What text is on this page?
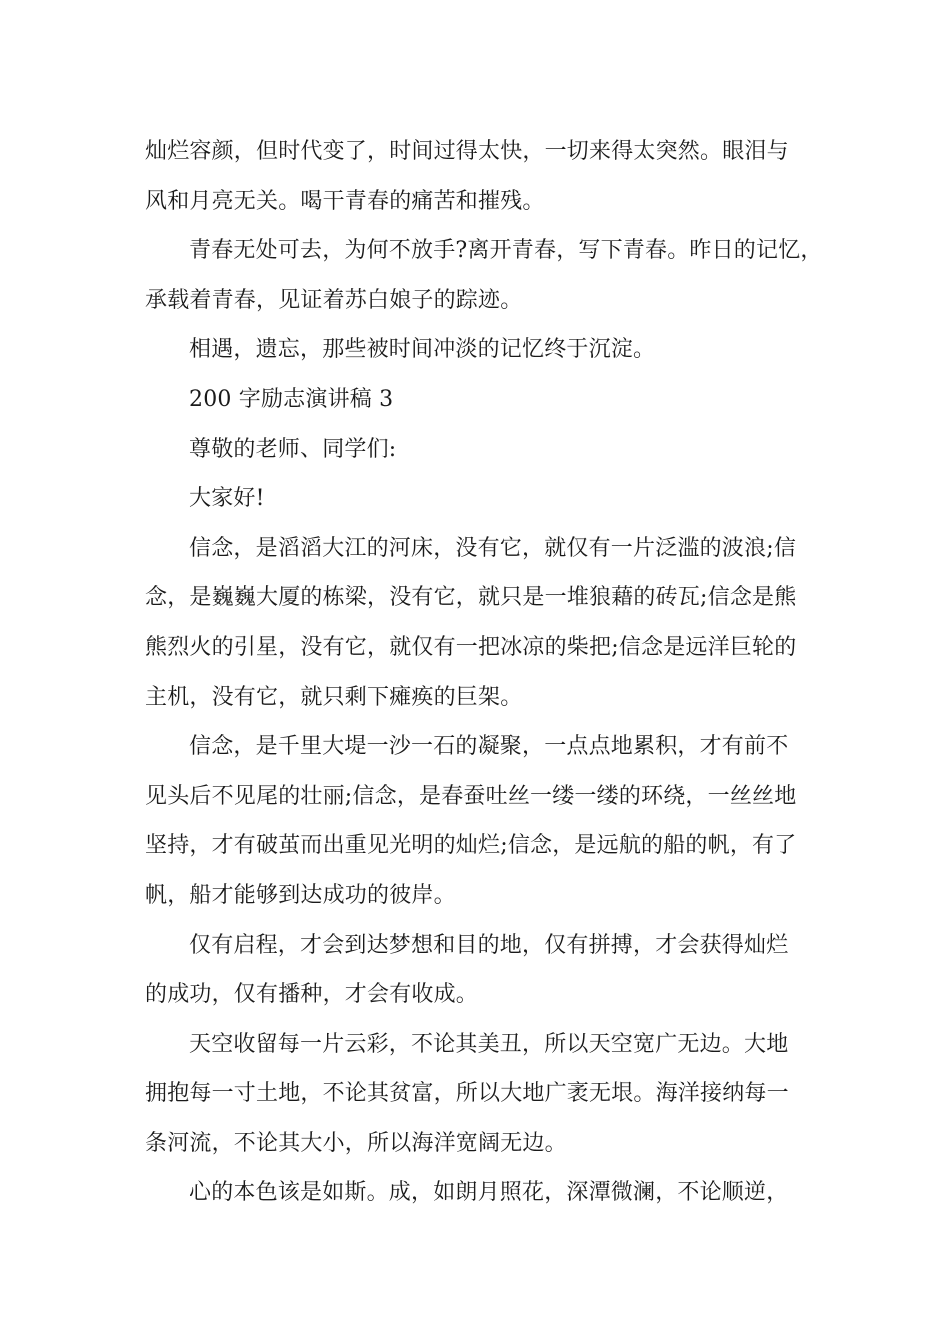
灿烂容颜，但时代变了，时间过得太快，一切来得太突然。眼泪与
风和月亮无关。喝干青春的痛苦和摧残。
青春无处可去，为何不放手?离开青春，写下青春。昨日的记忆，
承载着青春，见证着苏白娘子的踪迹。
相遇，遗忘，那些被时间冲淡的记忆终于沉淀。
200 字励志演讲稿 3
尊敬的老师、同学们:
大家好!
信念，是滔滔大江的河床，没有它，就仅有一片泛滥的波浪;信
念，是巍巍大厦的栋梁，没有它，就只是一堆狼藉的砖瓦;信念是熊
熊烈火的引星，没有它，就仅有一把冰凉的柴把;信念是远洋巨轮的
主机，没有它，就只剩下瘫痪的巨架。
信念，是千里大堤一沙一石的凝聚，一点点地累积，才有前不
见头后不见尾的壮丽;信念，是春蚕吐丝一缕一缕的环绕，一丝丝地
坚持，才有破茧而出重见光明的灿烂;信念，是远航的船的帆，有了
帆，船才能够到达成功的彼岸。
仅有启程，才会到达梦想和目的地，仅有拼搏，才会获得灿烂
的成功，仅有播种，才会有收成。
天空收留每一片云彩，不论其美丑，所以天空宽广无边。大地
拥抱每一寸土地，不论其贫富，所以大地广袤无垠。海洋接纳每一
条河流，不论其大小，所以海洋宽阔无边。
心的本色该是如斯。成，如朗月照花，深潭微澜，不论顺逆，
